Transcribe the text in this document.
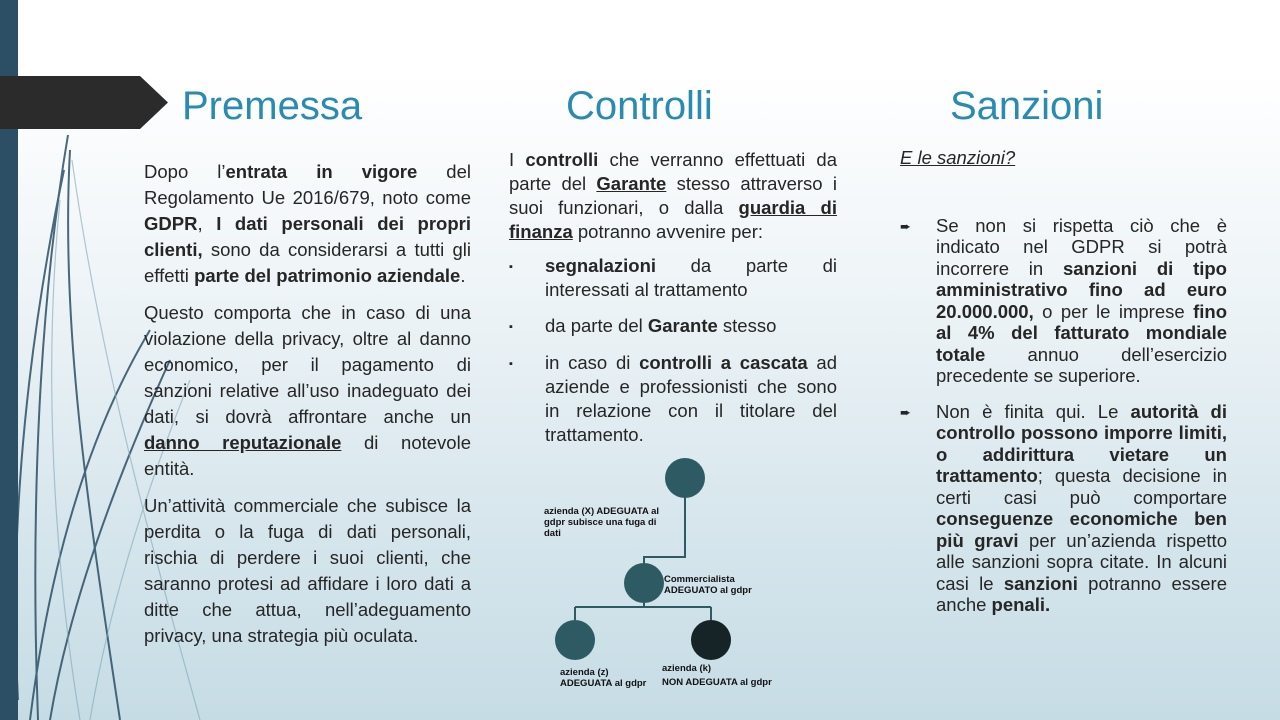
Premessa	Controlli	Sanzioni

Dopo l’entrata in vigore del Regolamento Ue 2016/679, noto come GDPR, I dati personali dei propri clienti, sono da considerarsi a tutti gli effetti parte del patrimonio aziendale.

Questo comporta che in caso di una violazione della privacy, oltre al danno economico, per il pagamento di sanzioni relative all’uso inadeguato dei dati, si dovrà affrontare anche un danno reputazionale di notevole entità.

Un’attività commerciale che subisce la perdita o la fuga di dati personali, rischia di perdere i suoi clienti, che saranno protesi ad affidare i loro dati a ditte che attua, nell’adeguamento privacy, una strategia più oculata.

I controlli che verranno effettuati da parte del Garante stesso attraverso i suoi funzionari, o dalla guardia di finanza potranno avvenire per:

▪	segnalazioni da parte di interessati al trattamento
▪	da parte del Garante stesso
▪	in caso di controlli a cascata ad aziende e professionisti che sono in relazione con il titolare del trattamento.
azienda (X) ADEGUATA al gdpr subisce una fuga di dati
Commercialista
ADEGUATO al gdpr
azienda (z)
ADEGUATA al gdpr
azienda (k)
NON ADEGUATA al gdpr

E le sanzioni?

➨	Se non si rispetta ciò che è indicato nel GDPR si potrà incorrere in sanzioni di tipo amministrativo fino ad euro 20.000.000, o per le imprese fino al 4% del fatturato mondiale totale annuo dell’esercizio precedente se superiore.
➨	Non è finita qui. Le autorità di controllo possono imporre limiti, o addirittura vietare un trattamento; questa decisione in certi casi può comportare conseguenze economiche ben più gravi per un’azienda rispetto alle sanzioni sopra citate. In alcuni casi le sanzioni potranno essere anche penali.
